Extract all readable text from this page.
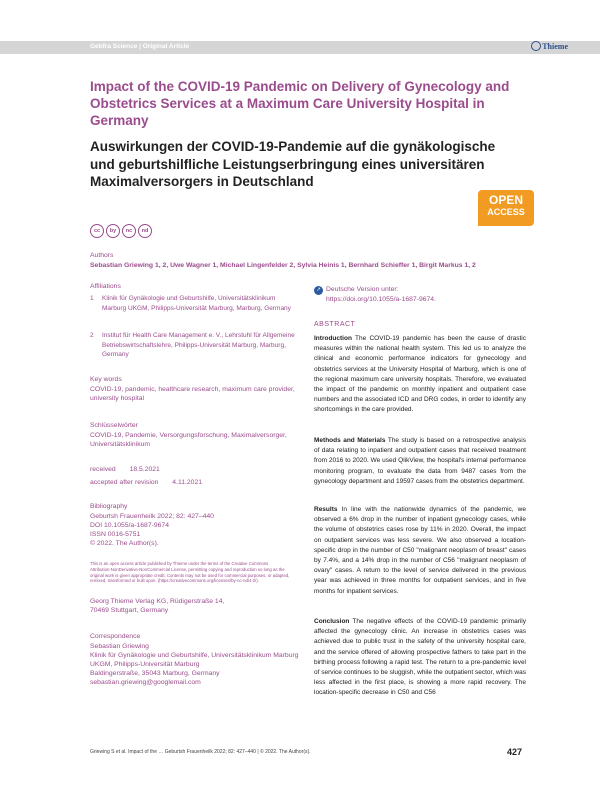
Gebfra Science | Original Article	Thieme
Impact of the COVID-19 Pandemic on Delivery of Gynecology and Obstetrics Services at a Maximum Care University Hospital in Germany
Auswirkungen der COVID-19-Pandemie auf die gynäkologische und geburtshilfliche Leistungserbringung eines universitären Maximalversorgers in Deutschland
OPEN
ACCESS
cc	by	nc	nd
Authors
Sebastian Griewing 1, 2, Uwe Wagner 1, Michael Lingenfelder 2, Sylvia Heinis 1, Bernhard Schieffer 1, Birgit Markus 1, 2
Affiliations
1	Klinik für Gynäkologie und Geburtshilfe, Universitätsklinikum Marburg UKGM, Philipps-Universität Marburg, Marburg, Germany
2	Institut für Health Care Management e. V., Lehrstuhl für Allgemeine Betriebswirtschaftslehre, Philipps-Universität Marburg, Marburg, Germany
Key words
COVID-19, pandemic, healthcare research, maximum care provider, university hospital
Schlüsselwörter
COVID-19, Pandemie, Versorgungsforschung, Maximalversorger, Universitätsklinikum
received 18.5.2021
accepted after revision 4.11.2021
Bibliography
Geburtsh Frauenheilk 2022; 82: 427–440
DOI 10.1055/a-1687-9674
ISSN 0016-5751
© 2022. The Author(s).
This is an open access article published by Thieme under the terms of the Creative Commons Attribution-NonDerivative-NonCommercial License, permitting copying and reproduction so long as the original work is given appropriate credit. Contents may not be used for commercial purposes, or adapted, remixed, transformed or built upon. (https://creativecommons.org/licenses/by-nc-nd/4.0/).
Georg Thieme Verlag KG, Rüdigerstraße 14,
70469 Stuttgart, Germany
Correspondence
Sebastian Griewing
Klinik für Gynäkologie und Geburtshilfe, Universitätsklinikum Marburg UKGM, Philipps-Universität Marburg
Baldingerstraße, 35043 Marburg, Germany
sebastian.griewing@googlemail.com
↗ Deutsche Version unter:
https://doi.org/10.1055/a-1687-9674.
ABSTRACT
Introduction The COVID-19 pandemic has been the cause of drastic measures within the national health system. This led us to analyze the clinical and economic performance indicators for gynecology and obstetrics services at the University Hospital of Marburg, which is one of the regional maximum care university hospitals. Therefore, we evaluated the impact of the pandemic on monthly inpatient and outpatient case numbers and the associated ICD and DRG codes, in order to identify any shortcomings in the care provided.
Methods and Materials The study is based on a retrospective analysis of data relating to inpatient and outpatient cases that received treatment from 2016 to 2020. We used QlikView, the hospital's internal performance monitoring program, to evaluate the data from 9487 cases from the gynecology department and 19597 cases from the obstetrics department.
Results In line with the nationwide dynamics of the pandemic, we observed a 6% drop in the number of inpatient gynecology cases, while the volume of obstetrics cases rose by 11% in 2020. Overall, the impact on outpatient services was less severe. We also observed a location-specific drop in the number of C50 "malignant neoplasm of breast" cases by 7.4%, and a 14% drop in the number of C56 "malignant neoplasm of ovary" cases. A return to the level of service delivered in the previous year was achieved in three months for outpatient services, and in five months for inpatient services.
Conclusion The negative effects of the COVID-19 pandemic primarily affected the gynecology clinic. An increase in obstetrics cases was achieved due to public trust in the safety of the university hospital care, and the service offered of allowing prospective fathers to take part in the birthing process following a rapid test. The return to a pre-pandemic level of service continues to be sluggish, while the outpatient sector, which was less affected in the first place, is showing a more rapid recovery. The location-specific decrease in C50 and C56
Griewing S et al. Impact of the … Geburtsh Frauenheilk 2022; 82: 427–440 | © 2022. The Author(s).	427
